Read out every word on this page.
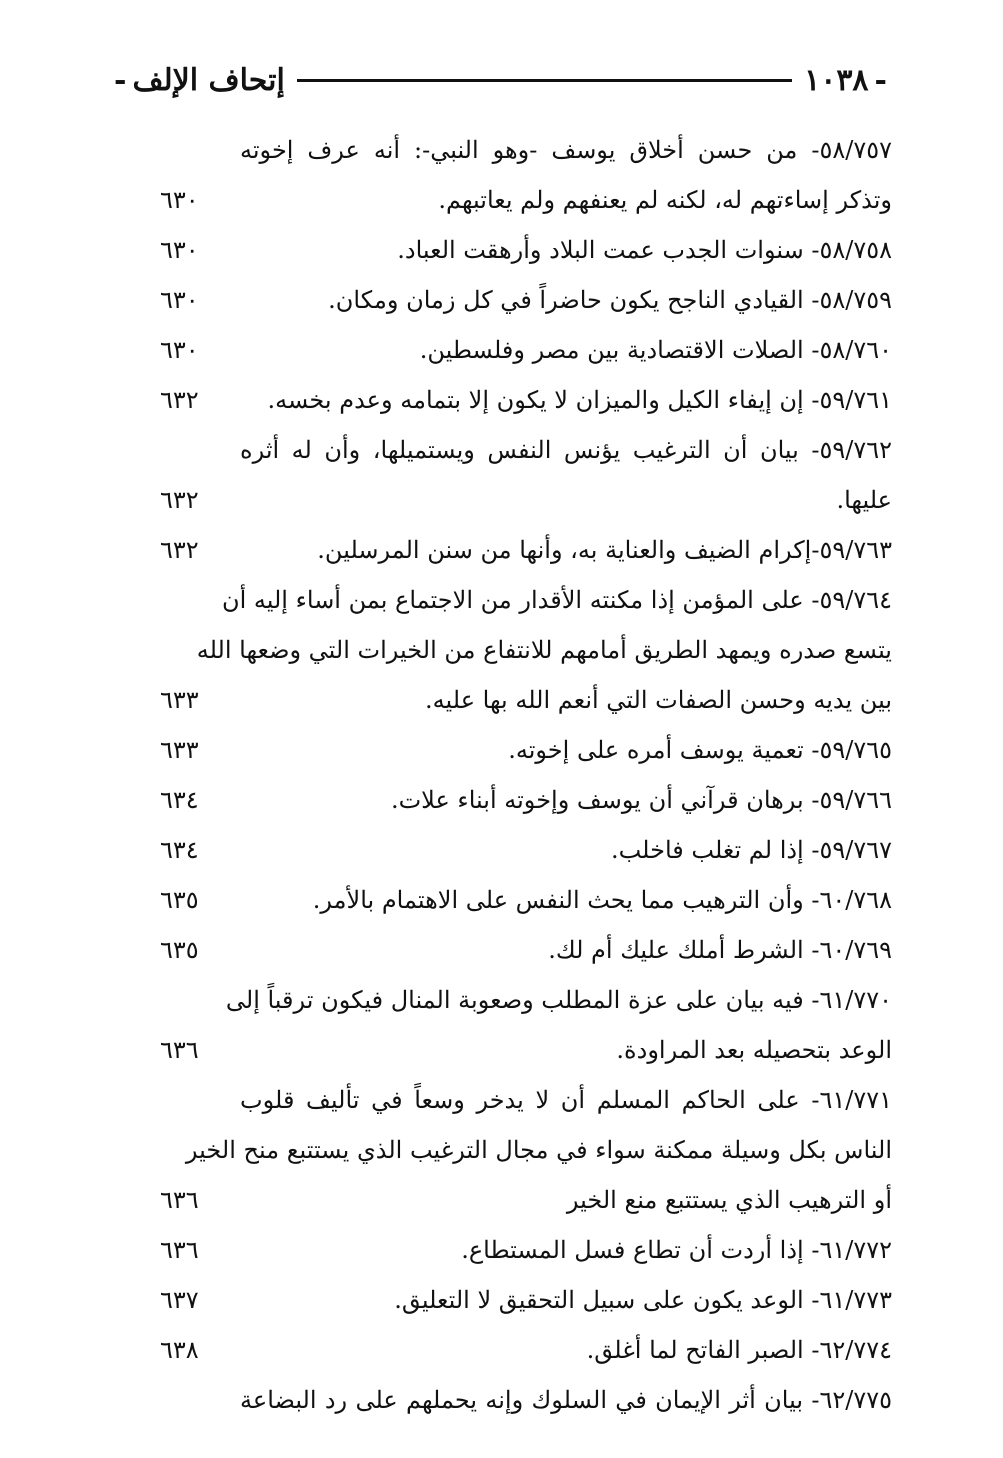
-
١٠٣٨
إتحاف الإلف
-
٥٨/٧٥٧- من حسن أخلاق يوسف -وهو النبي-: أنه عرف إخوته
وتذكر إساءتهم له، لكنه لم يعنفهم ولم يعاتبهم.
٦٣٠
٥٨/٧٥٨- سنوات الجدب عمت البلاد وأرهقت العباد.
٦٣٠
٥٨/٧٥٩- القيادي الناجح يكون حاضراً في كل زمان ومكان.
٦٣٠
٥٨/٧٦٠- الصلات الاقتصادية بين مصر وفلسطين.
٦٣٠
٥٩/٧٦١- إن إيفاء الكيل والميزان لا يكون إلا بتمامه وعدم بخسه.
٦٣٢
٥٩/٧٦٢- بيان أن الترغيب يؤنس النفس ويستميلها، وأن له أثره
عليها.
٦٣٢
٥٩/٧٦٣-إكرام الضيف والعناية به، وأنها من سنن المرسلين.
٦٣٢
٥٩/٧٦٤- على المؤمن إذا مكنته الأقدار من الاجتماع بمن أساء إليه أن
يتسع صدره ويمهد الطريق أمامهم للانتفاع من الخيرات التي وضعها الله
بين يديه وحسن الصفات التي أنعم الله بها عليه.
٦٣٣
٥٩/٧٦٥- تعمية يوسف أمره على إخوته.
٦٣٣
٥٩/٧٦٦- برهان قرآني أن يوسف وإخوته أبناء علات.
٦٣٤
٥٩/٧٦٧- إذا لم تغلب فاخلب.
٦٣٤
٦٠/٧٦٨- وأن الترهيب مما يحث النفس على الاهتمام بالأمر.
٦٣٥
٦٠/٧٦٩- الشرط أملك عليك أم لك.
٦٣٥
٦١/٧٧٠- فيه بيان على عزة المطلب وصعوبة المنال فيكون ترقباً إلى
الوعد بتحصيله بعد المراودة.
٦٣٦
٦١/٧٧١- على الحاكم المسلم أن لا يدخر وسعاً في تأليف قلوب
الناس بكل وسيلة ممكنة سواء في مجال الترغيب الذي يستتبع منح الخير
أو الترهيب الذي يستتبع منع الخير
٦٣٦
٦١/٧٧٢- إذا أردت أن تطاع فسل المستطاع.
٦٣٦
٦١/٧٧٣- الوعد يكون على سبيل التحقيق لا التعليق.
٦٣٧
٦٢/٧٧٤- الصبر الفاتح لما أغلق.
٦٣٨
٦٢/٧٧٥- بيان أثر الإيمان في السلوك وإنه يحملهم على رد البضاعة
